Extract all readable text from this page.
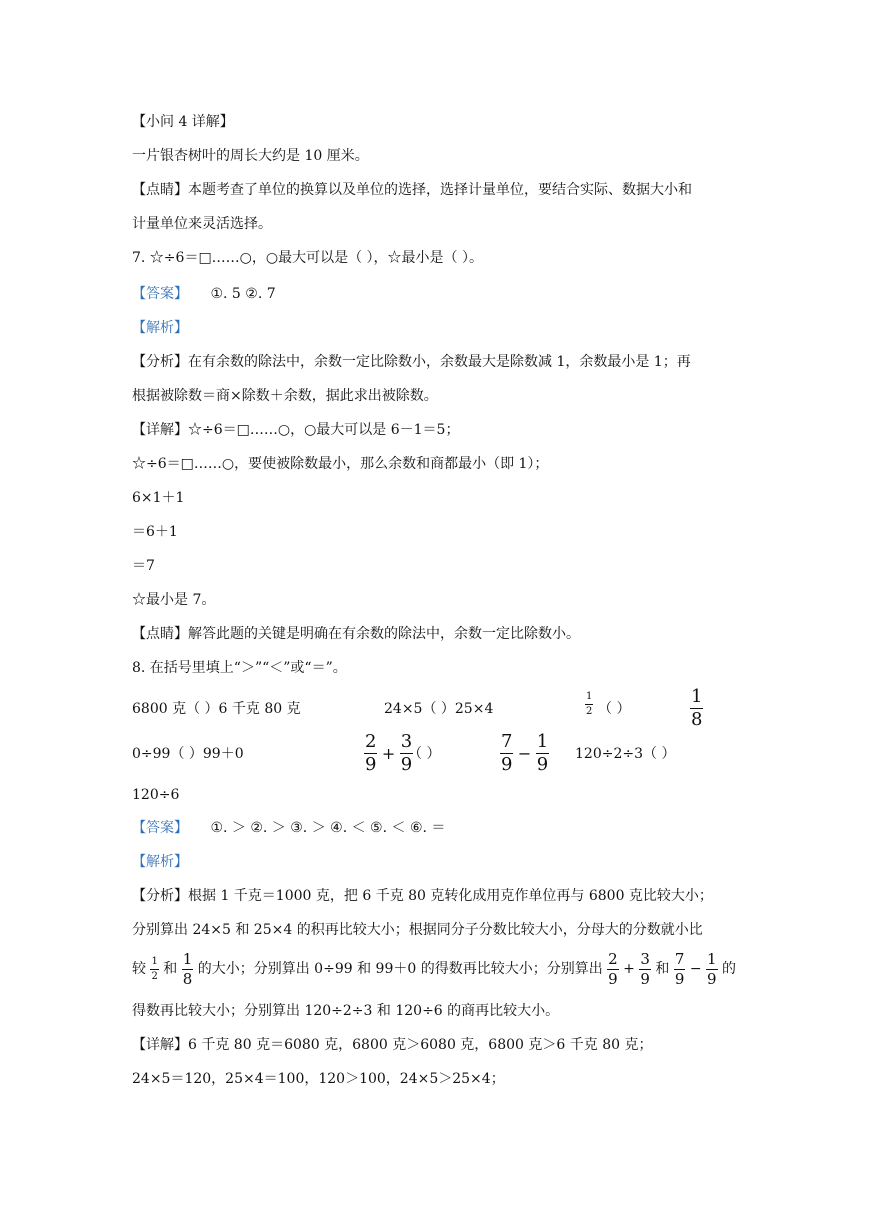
【小问 4 详解】
一片银杏树叶的周长大约是 10 厘米。
【点睛】本题考查了单位的换算以及单位的选择，选择计量单位，要结合实际、数据大小和
计量单位来灵活选择。
7. ☆÷6＝□……○，○最大可以是（ ），☆最小是（ ）。
【答案】 ①. 5 ②. 7
【解析】
【分析】在有余数的除法中，余数一定比除数小，余数最大是除数减 1，余数最小是 1；再
根据被除数＝商×除数＋余数，据此求出被除数。
【详解】☆÷6＝□……○，○最大可以是 6－1＝5；
☆÷6＝□……○，要使被除数最小，那么余数和商都最小（即 1）；
6×1＋1
＝6＋1
＝7
☆最小是 7。
【点睛】解答此题的关键是明确在有余数的除法中，余数一定比除数小。
8. 在括号里填上“＞”“＜”或“＝”。
6800 克（ ）6 千克 80 克	24×5（ ）25×4	$\frac{1}{2}$ （ ）	$\frac{1}{8}$
0÷99（ ）99＋0	$\frac{2}{9} + \frac{3}{9}$
（ ）	$\frac{7}{9} - \frac{1}{9} 120\div 2\div 3$（ ）
120÷6
【答案】 ①. ＞ ②. ＞ ③. ＞ ④. ＜ ⑤. ＜ ⑥. ＝
【解析】
【分析】根据 1 千克＝1000 克，把 6 千克 80 克转化成用克作单位再与 6800 克比较大小；
分别算出 24×5 和 25×4 的积再比较大小；根据同分子分数比较大小，分母大的分数就小比
较 $\frac{1}{2}$ 和 $\frac{1}{8}$ 的大小；分别算出 0÷99 和 99＋0 的得数再比较大小；分别算出 $\frac{2}{9} + \frac{3}{9}$ 和 $\frac{7}{9} - \frac{1}{9}$ 的
得数再比较大小；分别算出 120÷2÷3 和 120÷6 的商再比较大小。
【详解】6 千克 80 克＝6080 克，6800 克＞6080 克，6800 克＞6 千克 80 克；
24×5＝120，25×4＝100，120＞100，24×5＞25×4；
